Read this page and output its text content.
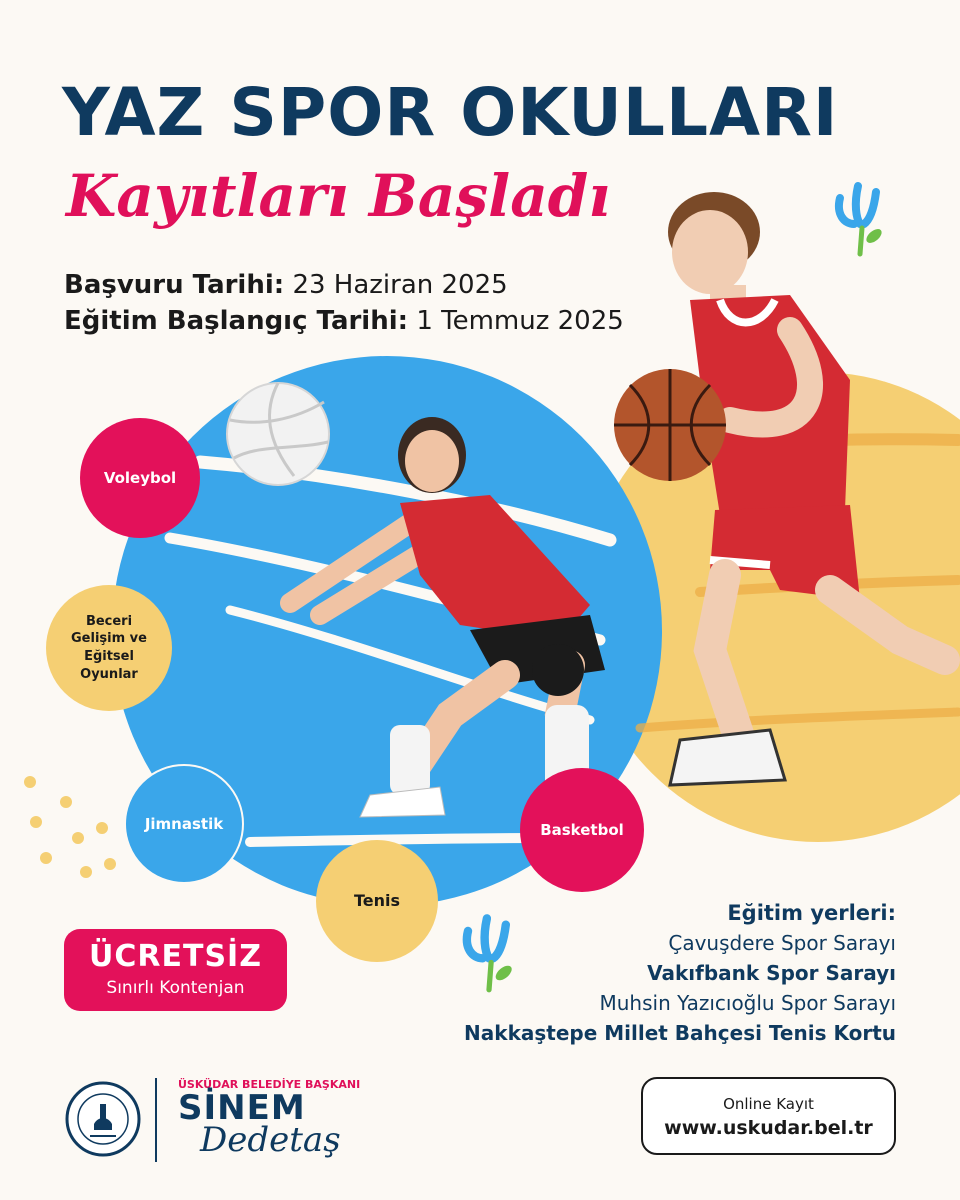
YAZ SPOR OKULLARI
Kayıtları Başladı
Başvuru Tarihi: 23 Haziran 2025
Eğitim Başlangıç Tarihi: 1 Temmuz 2025
Voleybol
Beceri Gelişim ve Eğitsel Oyunlar
Jimnastik
Tenis
Basketbol
ÜCRETSİZ
Sınırlı Kontenjan
Eğitim yerleri:
Çavuşdere Spor Sarayı
Vakıfbank Spor Sarayı
Muhsin Yazıcıoğlu Spor Sarayı
Nakkaştepe Millet Bahçesi Tenis Kortu
ÜSKÜDAR BELEDİYE BAŞKANI
SİNEM
Dedetaş
Online Kayıt
www.uskudar.bel.tr
